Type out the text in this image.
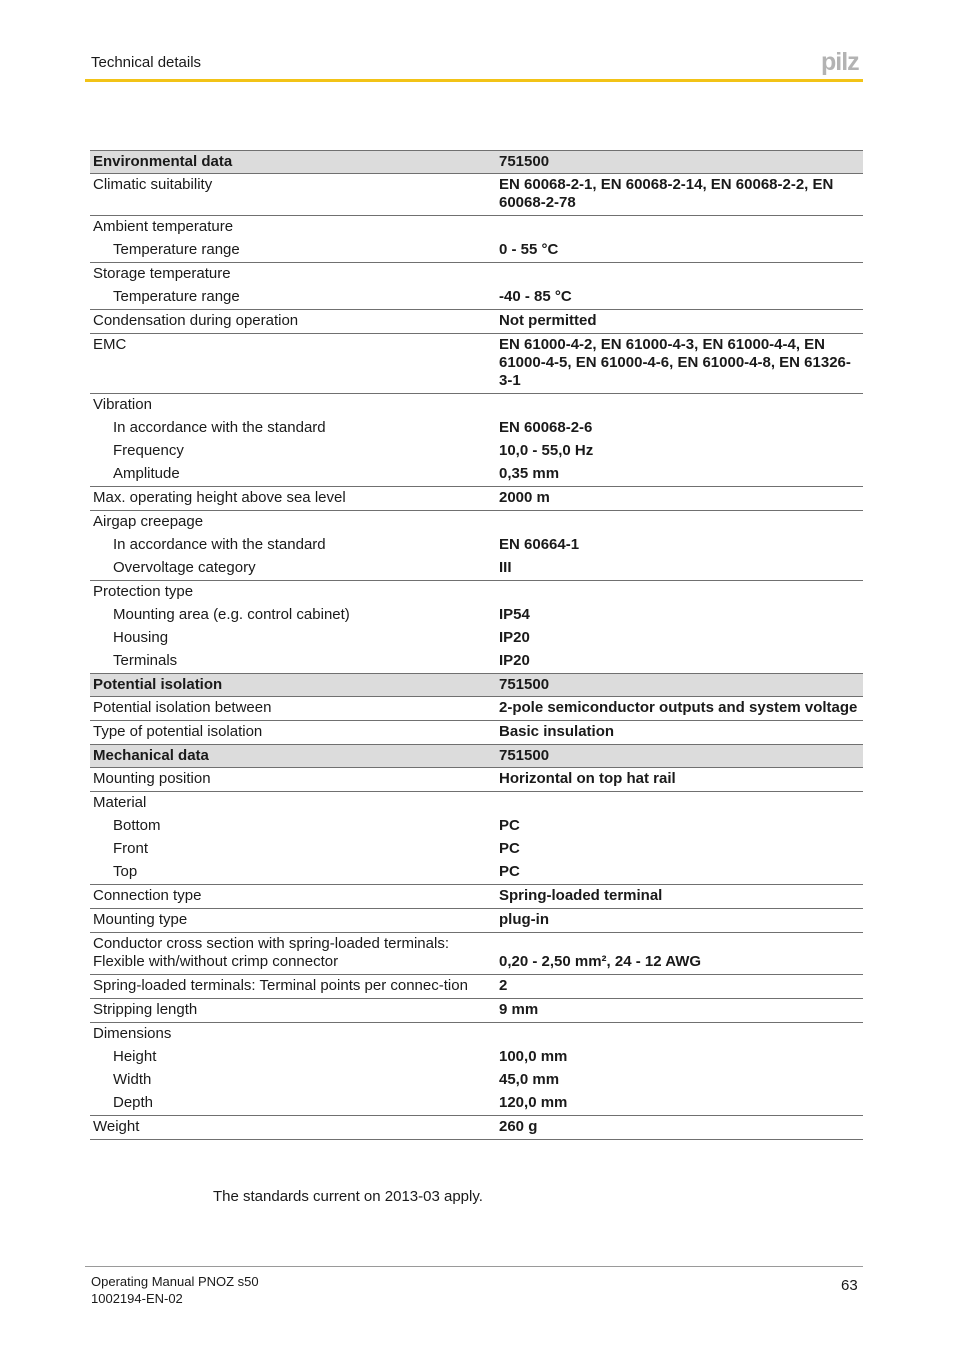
Technical details	pilz
Environmental data	751500
Climatic suitability	EN 60068-2-1, EN 60068-2-14, EN 60068-2-2, EN 60068-2-78
Ambient temperature	
Temperature range	0 - 55 °C
Storage temperature	
Temperature range	-40 - 85 °C
Condensation during operation	Not permitted
EMC	EN 61000-4-2, EN 61000-4-3, EN 61000-4-4, EN 61000-4-5, EN 61000-4-6, EN 61000-4-8, EN 61326-3-1
Vibration	
In accordance with the standard	EN 60068-2-6
Frequency	10,0 - 55,0 Hz
Amplitude	0,35 mm
Max. operating height above sea level	2000 m
Airgap creepage	
In accordance with the standard	EN 60664-1
Overvoltage category	III
Protection type	
Mounting area (e.g. control cabinet)	IP54
Housing	IP20
Terminals	IP20
Potential isolation	751500
Potential isolation between	2-pole semiconductor outputs and system voltage
Type of potential isolation	Basic insulation
Mechanical data	751500
Mounting position	Horizontal on top hat rail
Material	
Bottom	PC
Front	PC
Top	PC
Connection type	Spring-loaded terminal
Mounting type	plug-in
Conductor cross section with spring-loaded terminals: Flexible with/without crimp connector	0,20 - 2,50 mm², 24 - 12 AWG
Spring-loaded terminals: Terminal points per connec-tion	2
Stripping length	9 mm
Dimensions	
Height	100,0 mm
Width	45,0 mm
Depth	120,0 mm
Weight	260 g
The standards current on 2013-03 apply.
Operating Manual PNOZ s50
1002194-EN-02
63
